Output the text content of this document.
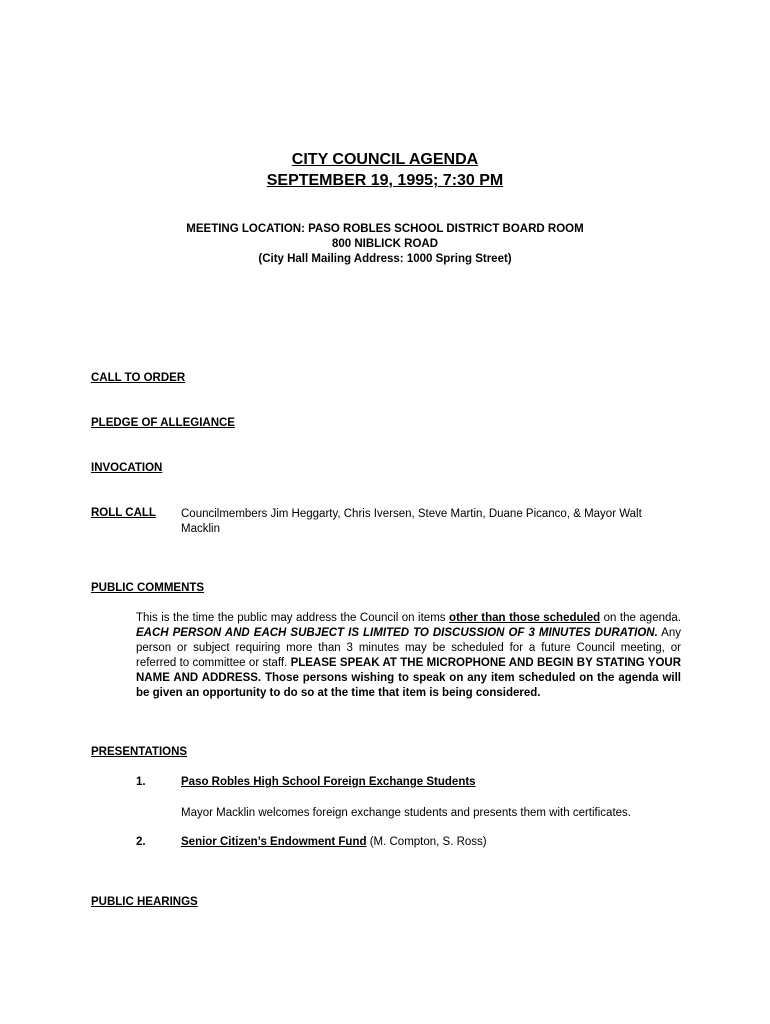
CITY COUNCIL AGENDA
SEPTEMBER 19, 1995; 7:30 PM
MEETING LOCATION: PASO ROBLES SCHOOL DISTRICT BOARD ROOM
800 NIBLICK ROAD
(City Hall Mailing Address: 1000 Spring Street)
CALL TO ORDER
PLEDGE OF ALLEGIANCE
INVOCATION
ROLL CALL Councilmembers Jim Heggarty, Chris Iversen, Steve Martin, Duane Picanco, & Mayor Walt Macklin
PUBLIC COMMENTS
This is the time the public may address the Council on items other than those scheduled on the agenda. EACH PERSON AND EACH SUBJECT IS LIMITED TO DISCUSSION OF 3 MINUTES DURATION. Any person or subject requiring more than 3 minutes may be scheduled for a future Council meeting, or referred to committee or staff. PLEASE SPEAK AT THE MICROPHONE AND BEGIN BY STATING YOUR NAME AND ADDRESS. Those persons wishing to speak on any item scheduled on the agenda will be given an opportunity to do so at the time that item is being considered.
PRESENTATIONS
1.	Paso Robles High School Foreign Exchange Students
Mayor Macklin welcomes foreign exchange students and presents them with certificates.
2.	Senior Citizen’s Endowment Fund (M. Compton, S. Ross)
PUBLIC HEARINGS
